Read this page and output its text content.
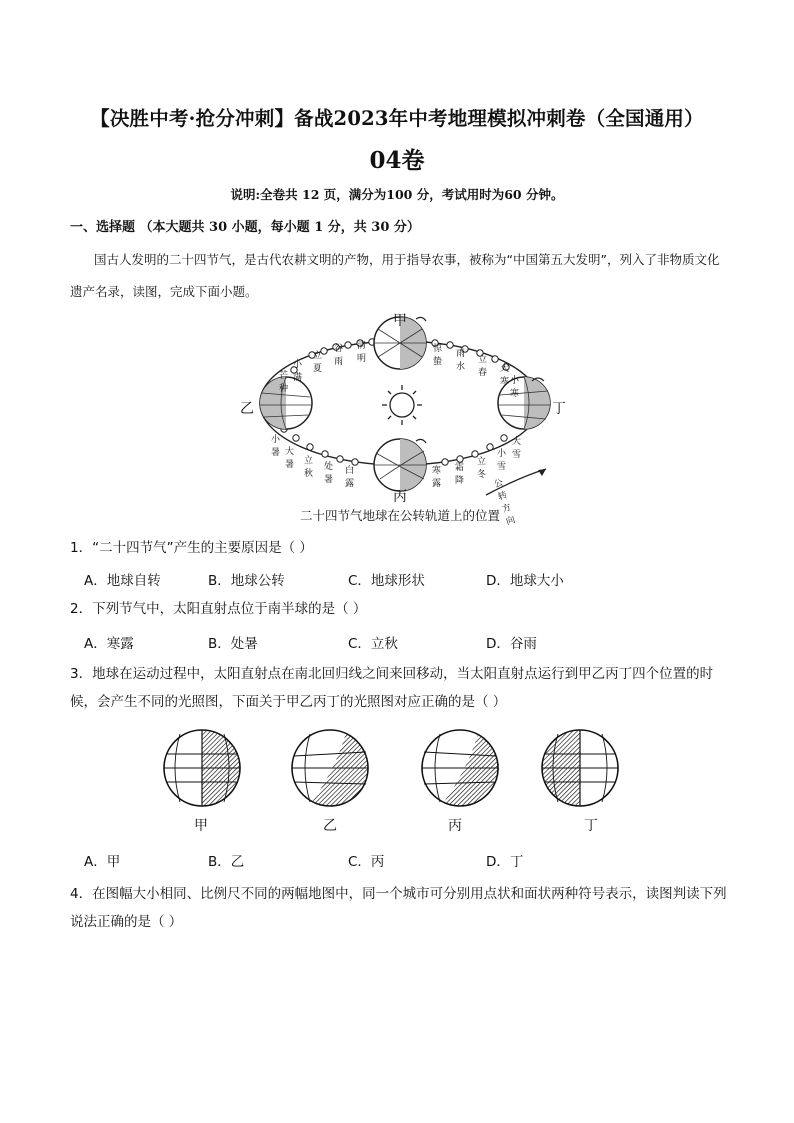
【决胜中考·抢分冲刺】备战2023年中考地理模拟冲刺卷（全国通用）
04卷
说明:全卷共 12 页，满分为100 分，考试用时为60 分钟。
一、选择题 （本大题共 30 小题，每小题 1 分，共 30 分）
国古人发明的二十四节气，是古代农耕文明的产物，用于指导农事，被称为“中国第五大发明”，列入了非物质文化遗产名录，读图，完成下面小题。
甲
乙
丙
丁
小满
立夏
谷雨
清明
惊蛰
雨水
立春 大寒 小寒
芒种
小暑 大暑 立秋
处暑
白露
寒露
霜降
立冬
小雪
大雪
公转方向
二十四节气地球在公转轨道上的位置
1．“二十四节气”产生的主要原因是（ ）
A．地球自转	B．地球公转	C．地球形状	D．地球大小
2．下列节气中，太阳直射点位于南半球的是（ ）
A．寒露	B．处暑	C．立秋	D．谷雨
3．地球在运动过程中，太阳直射点在南北回归线之间来回移动，当太阳直射点运行到甲乙丙丁四个位置的时候，会产生不同的光照图，下面关于甲乙丙丁的光照图对应正确的是（ ）
甲	乙	丙	丁
A．甲	B．乙	C．丙	D．丁
4．在图幅大小相同、比例尺不同的两幅地图中，同一个城市可分别用点状和面状两种符号表示，读图判读下列说法正确的是（ ）
